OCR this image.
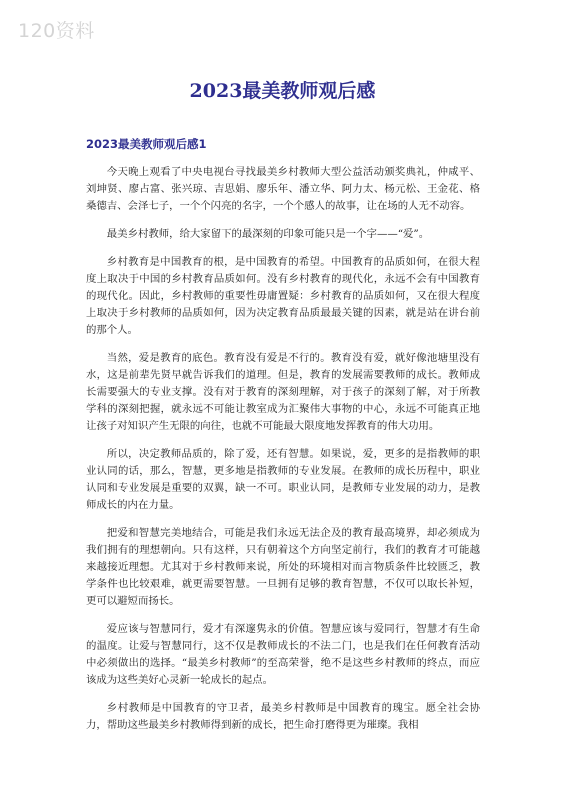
120资料
2023最美教师观后感
2023最美教师观后感1

今天晚上观看了中央电视台寻找最美乡村教师大型公益活动颁奖典礼，仲咸平、刘坤贤、廖占富、张兴琼、吉思娟、廖乐年、潘立华、阿力太、杨元松、王金花、格桑德吉、会泽七子，一个个闪亮的名字，一个个感人的故事，让在场的人无不动容。

最美乡村教师，给大家留下的最深刻的印象可能只是一个字——“爱”。

乡村教育是中国教育的根，是中国教育的希望。中国教育的品质如何，在很大程度上取决于中国的乡村教育品质如何。没有乡村教育的现代化，永远不会有中国教育的现代化。因此，乡村教师的重要性毋庸置疑：乡村教育的品质如何，又在很大程度上取决于乡村教师的品质如何，因为决定教育品质最最关键的因素，就是站在讲台前的那个人。

当然，爱是教育的底色。教育没有爱是不行的。教育没有爱，就好像池塘里没有水，这是前辈先贤早就告诉我们的道理。但是，教育的发展需要教师的成长。教师成长需要强大的专业支撑。没有对于教育的深刻理解，对于孩子的深刻了解，对于所教学科的深刻把握，就永远不可能让教室成为汇聚伟大事物的中心，永远不可能真正地让孩子对知识产生无限的向往，也就不可能最大限度地发挥教育的伟大功用。

所以，决定教师品质的，除了爱，还有智慧。如果说，爱，更多的是指教师的职业认同的话，那么，智慧，更多地是指教师的专业发展。在教师的成长历程中，职业认同和专业发展是重要的双翼，缺一不可。职业认同，是教师专业发展的动力，是教师成长的内在力量。

把爱和智慧完美地结合，可能是我们永远无法企及的教育最高境界，却必须成为我们拥有的理想朝向。只有这样，只有朝着这个方向坚定前行，我们的教育才可能越来越接近理想。尤其对于乡村教师来说，所处的环境相对而言物质条件比较匮乏，教学条件也比较艰难，就更需要智慧。一旦拥有足够的教育智慧，不仅可以取长补短，更可以避短而扬长。

爱应该与智慧同行，爱才有深邃隽永的价值。智慧应该与爱同行，智慧才有生命的温度。让爱与智慧同行，这不仅是教师成长的不法二门，也是我们在任何教育活动中必须做出的选择。“最美乡村教师”的至高荣誉，绝不是这些乡村教师的终点，而应该成为这些美好心灵新一轮成长的起点。

乡村教师是中国教育的守卫者，最美乡村教师是中国教育的瑰宝。愿全社会协力，帮助这些最美乡村教师得到新的成长，把生命打磨得更为璀璨。我相
